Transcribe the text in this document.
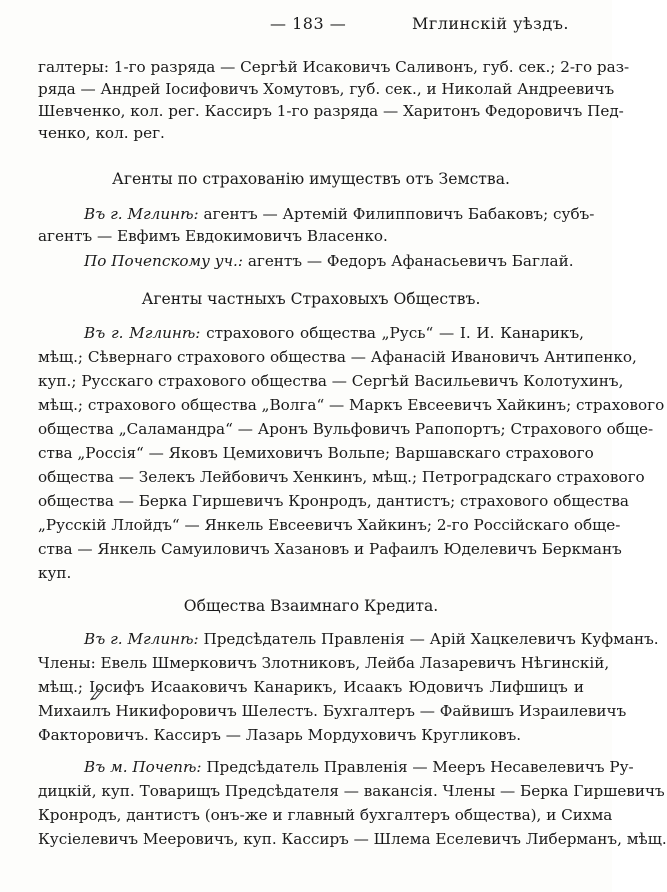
— 183 —	Мглинскій уѣздъ.
галтеры: 1-го разряда — Сергѣй Исаковичъ Саливонъ, губ. сек.; 2-го раз-
ряда — Андрей Іосифовичъ Хомутовъ, губ. сек., и Николай Андреевичъ
Шевченко, кол. рег. Кассиръ 1-го разряда — Харитонъ Федоровичъ Пед-
ченко, кол. рег.
Агенты по страхованію имуществъ отъ Земства.
Въ г. Мглинѣ: агентъ — Артемій Филипповичъ Бабаковъ; субъ-
агентъ — Евфимъ Евдокимовичъ Власенко.
По Почепскому уч.: агентъ — Федоръ Афанасьевичъ Баглай.
Агенты частныхъ Страховыхъ Обществъ.
Въ г. Мглинѣ: страхового общества „Русь“ — І. И. Канарикъ,
мѣщ.; Сѣвернаго страхового общества — Афанасій Ивановичъ Антипенко,
куп.; Русскаго страхового общества — Сергѣй Васильевичъ Колотухинъ,
мѣщ.; страхового общества „Волга“ — Маркъ Евсеевичъ Хайкинъ; страхового
общества „Саламандра“ — Аронъ Вульфовичъ Рапопортъ; Страхового обще-
ства „Россія“ — Яковъ Цемиховичъ Вольпе; Варшавскаго страхового
общества — Зелекъ Лейбовичъ Хенкинъ, мѣщ.; Петроградскаго страхового
общества — Берка Гиршевичъ Кронродъ, дантистъ; страхового общества
„Русскій Ллойдъ“ — Янкель Евсеевичъ Хайкинъ; 2-го Россійскаго обще-
ства — Янкель Самуиловичъ Хазановъ и Рафаилъ Юделевичъ Беркманъ
куп.
Общества Взаимнаго Кредита.
Въ г. Мглинѣ: Предсѣдатель Правленія — Арій Хацкелевичъ Куфманъ.
Члены: Евель Шмерковичъ Злотниковъ, Лейба Лазаревичъ Нѣгинскій,
мѣщ.; Іосифъ Исааковичъ Канарикъ, Исаакъ Юдовичъ Лифшицъ и
Михаилъ Никифоровичъ Шелестъ. Бухгалтеръ — Файвишъ Израилевичъ
Факторовичъ. Кассиръ — Лазарь Мордуховичъ Кругликовъ.
Въ м. Почепѣ: Предсѣдатель Правленія — Мееръ Несавелевичъ Ру-
дицкій, куп. Товарищъ Предсѣдателя — вакансія. Члены — Берка Гиршевичъ
Кронродъ, дантистъ (онъ-же и главный бухгалтеръ общества), и Сихма
Кусіелевичъ Мееровичъ, куп. Кассиръ — Шлема Еселевичъ Либерманъ, мѣщ.
